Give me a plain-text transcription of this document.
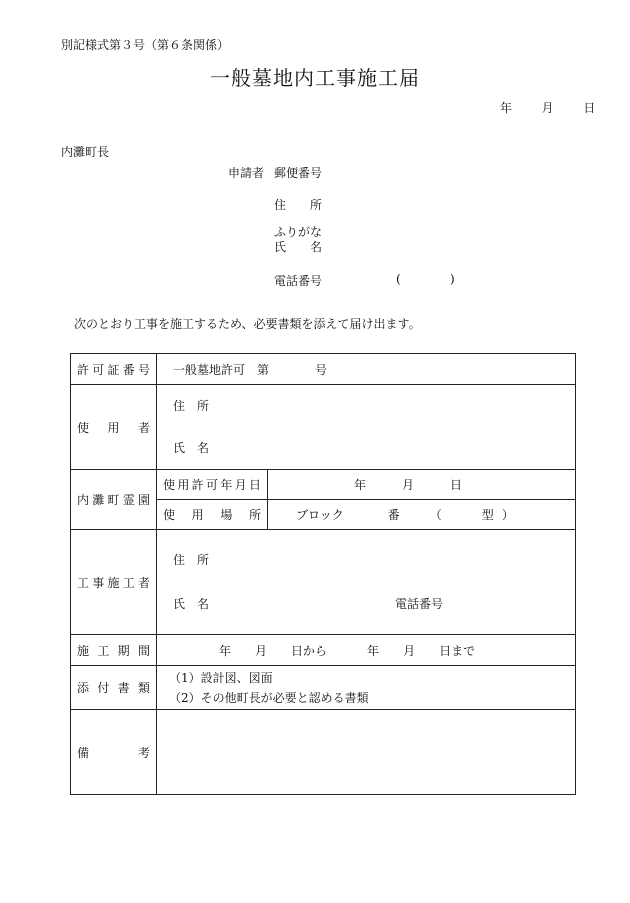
別記様式第３号（第６条関係）
一般墓地内工事施工届
年 月 日
内灘町長
申請者 郵便番号
住　　所
ふりがな
氏　　名
電話番号	(	)
次のとおり工事を施工するため、必要書類を添えて届け出ます。
許可証番号	一般墓地許可　第 号	

使用者	住　所
氏　名	

内灘町霊園	使用許可年月日	年 月 日

	使用場所	ブロック 番 （ 型 ）

工事施工者	住　所
氏　名 電話番号	

施工期間	年 月 日から 年 月 日まで	

添付書類	（1）設計図、図面
（2）その他町長が必要と認める書類	

備考		
